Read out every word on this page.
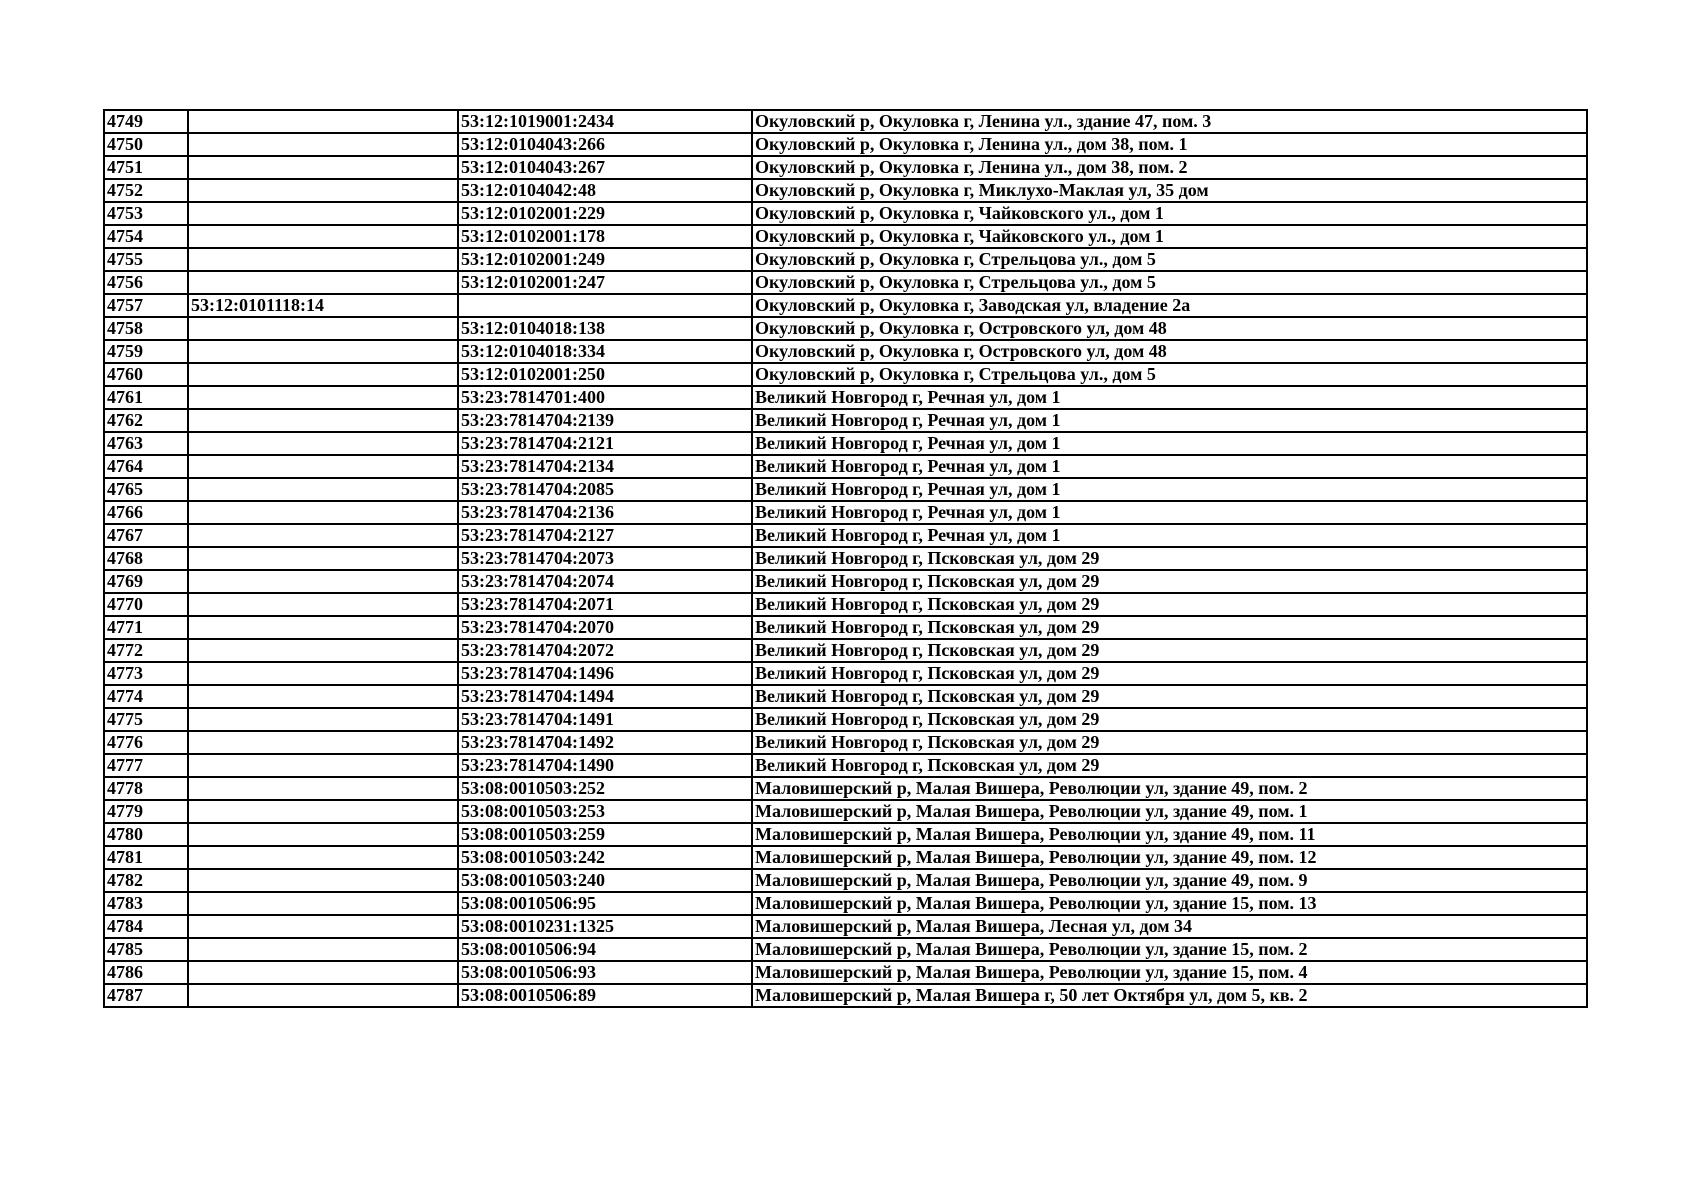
4749		53:12:1019001:2434	Окуловский р, Окуловка г, Ленина ул., здание 47, пом. 3
4750		53:12:0104043:266	Окуловский р, Окуловка г, Ленина ул., дом 38, пом. 1
4751		53:12:0104043:267	Окуловский р, Окуловка г, Ленина ул., дом 38, пом. 2
4752		53:12:0104042:48	Окуловский р, Окуловка г, Миклухо-Маклая ул, 35 дом
4753		53:12:0102001:229	Окуловский р, Окуловка г, Чайковского ул., дом 1
4754		53:12:0102001:178	Окуловский р, Окуловка г, Чайковского ул., дом 1
4755		53:12:0102001:249	Окуловский р, Окуловка г, Стрельцова ул., дом 5
4756		53:12:0102001:247	Окуловский р, Окуловка г, Стрельцова ул., дом 5
4757	53:12:0101118:14		Окуловский р, Окуловка г, Заводская ул, владение 2а
4758		53:12:0104018:138	Окуловский р, Окуловка г, Островского ул, дом 48
4759		53:12:0104018:334	Окуловский р, Окуловка г, Островского ул, дом 48
4760		53:12:0102001:250	Окуловский р, Окуловка г, Стрельцова ул., дом 5
4761		53:23:7814701:400	Великий Новгород г, Речная ул, дом 1
4762		53:23:7814704:2139	Великий Новгород г, Речная ул, дом 1
4763		53:23:7814704:2121	Великий Новгород г, Речная ул, дом 1
4764		53:23:7814704:2134	Великий Новгород г, Речная ул, дом 1
4765		53:23:7814704:2085	Великий Новгород г, Речная ул, дом 1
4766		53:23:7814704:2136	Великий Новгород г, Речная ул, дом 1
4767		53:23:7814704:2127	Великий Новгород г, Речная ул, дом 1
4768		53:23:7814704:2073	Великий Новгород г, Псковская ул, дом 29
4769		53:23:7814704:2074	Великий Новгород г, Псковская ул, дом 29
4770		53:23:7814704:2071	Великий Новгород г, Псковская ул, дом 29
4771		53:23:7814704:2070	Великий Новгород г, Псковская ул, дом 29
4772		53:23:7814704:2072	Великий Новгород г, Псковская ул, дом 29
4773		53:23:7814704:1496	Великий Новгород г, Псковская ул, дом 29
4774		53:23:7814704:1494	Великий Новгород г, Псковская ул, дом 29
4775		53:23:7814704:1491	Великий Новгород г, Псковская ул, дом 29
4776		53:23:7814704:1492	Великий Новгород г, Псковская ул, дом 29
4777		53:23:7814704:1490	Великий Новгород г, Псковская ул, дом 29
4778		53:08:0010503:252	Маловишерский р, Малая Вишера, Революции ул, здание 49, пом. 2
4779		53:08:0010503:253	Маловишерский р, Малая Вишера, Революции ул, здание 49, пом. 1
4780		53:08:0010503:259	Маловишерский р, Малая Вишера, Революции ул, здание 49, пом. 11
4781		53:08:0010503:242	Маловишерский р, Малая Вишера, Революции ул, здание 49, пом. 12
4782		53:08:0010503:240	Маловишерский р, Малая Вишера, Революции ул, здание 49, пом. 9
4783		53:08:0010506:95	Маловишерский р, Малая Вишера, Революции ул, здание 15, пом. 13
4784		53:08:0010231:1325	Маловишерский р, Малая Вишера, Лесная ул, дом 34
4785		53:08:0010506:94	Маловишерский р, Малая Вишера, Революции ул, здание 15, пом. 2
4786		53:08:0010506:93	Маловишерский р, Малая Вишера, Революции ул, здание 15, пом. 4
4787		53:08:0010506:89	Маловишерский р, Малая Вишера г, 50 лет Октября ул, дом 5, кв. 2
